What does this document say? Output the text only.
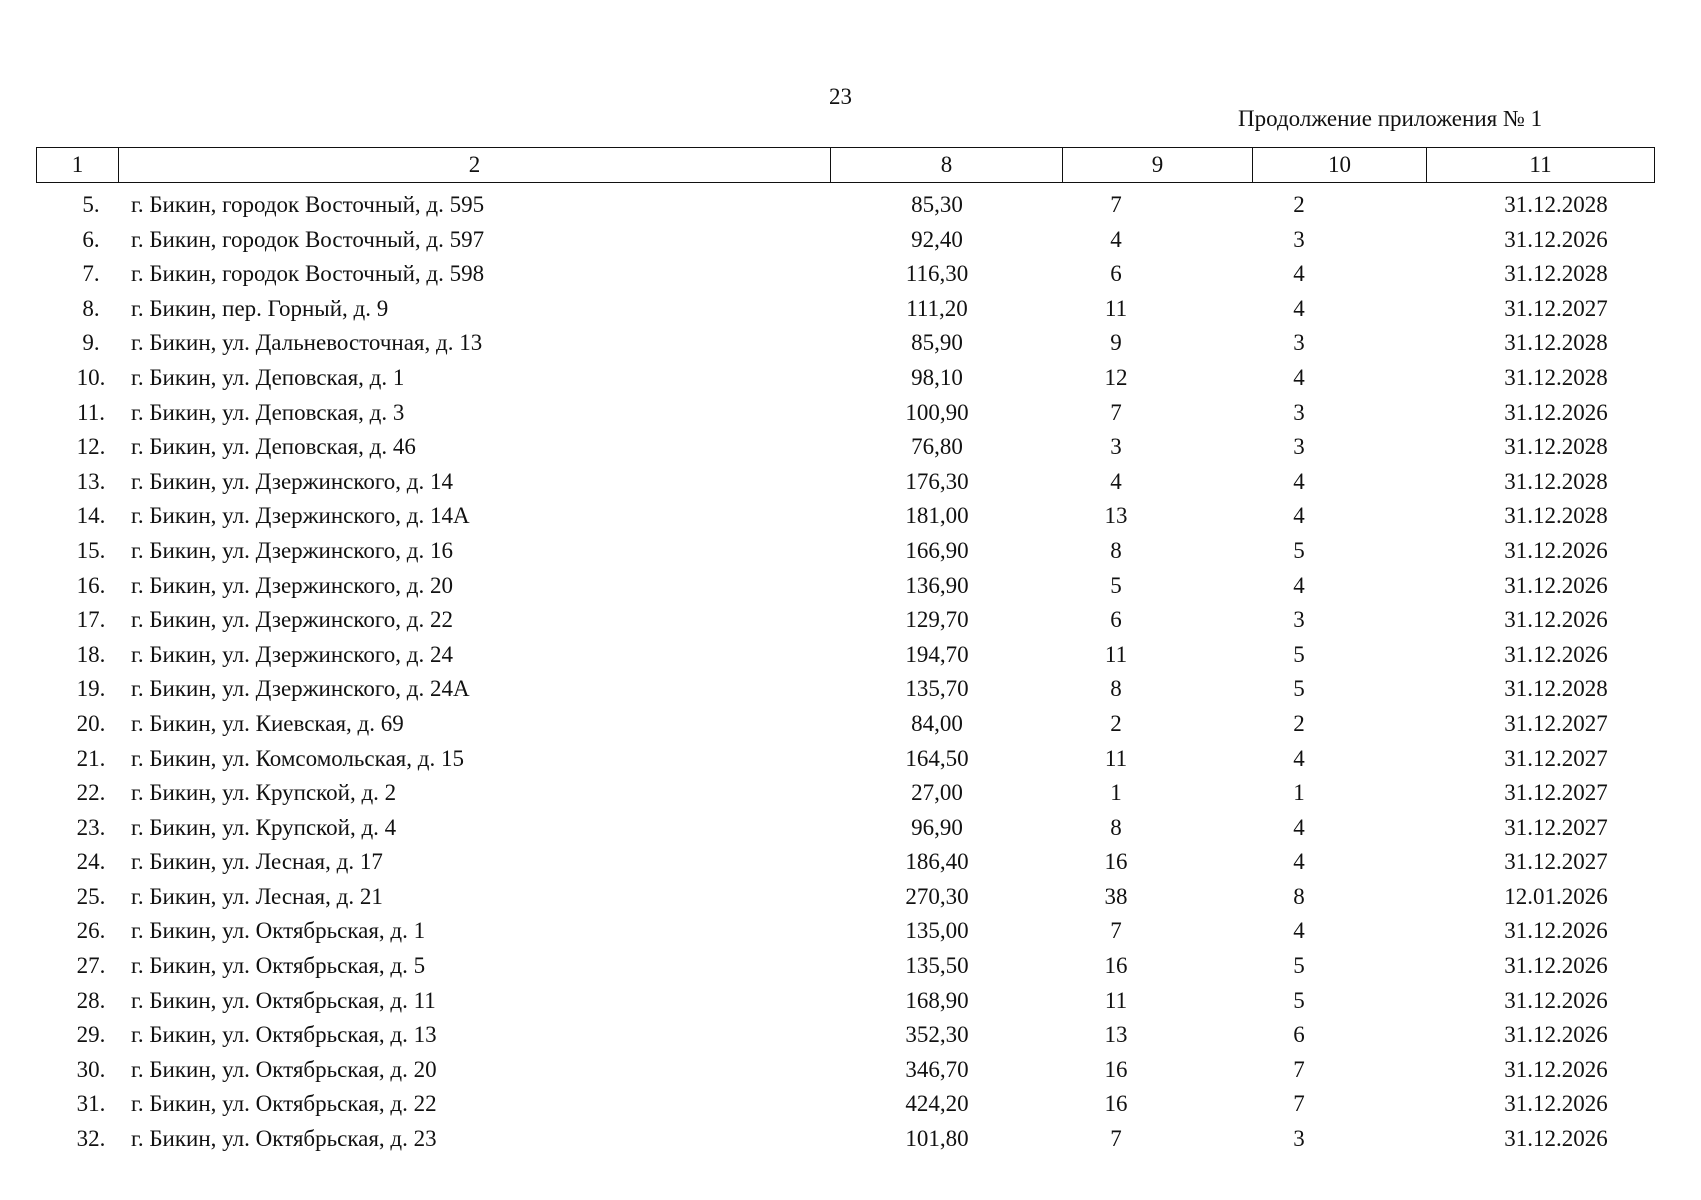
23
Продолжение приложения № 1
1	2	8	9	10	11
5.	г. Бикин, городок Восточный, д. 595	85,30	7	2	31.12.2028
6.	г. Бикин, городок Восточный, д. 597	92,40	4	3	31.12.2026
7.	г. Бикин, городок Восточный, д. 598	116,30	6	4	31.12.2028
8.	г. Бикин, пер. Горный, д. 9	111,20	11	4	31.12.2027
9.	г. Бикин, ул. Дальневосточная, д. 13	85,90	9	3	31.12.2028
10.	г. Бикин, ул. Деповская, д. 1	98,10	12	4	31.12.2028
11.	г. Бикин, ул. Деповская, д. 3	100,90	7	3	31.12.2026
12.	г. Бикин, ул. Деповская, д. 46	76,80	3	3	31.12.2028
13.	г. Бикин, ул. Дзержинского, д. 14	176,30	4	4	31.12.2028
14.	г. Бикин, ул. Дзержинского, д. 14А	181,00	13	4	31.12.2028
15.	г. Бикин, ул. Дзержинского, д. 16	166,90	8	5	31.12.2026
16.	г. Бикин, ул. Дзержинского, д. 20	136,90	5	4	31.12.2026
17.	г. Бикин, ул. Дзержинского, д. 22	129,70	6	3	31.12.2026
18.	г. Бикин, ул. Дзержинского, д. 24	194,70	11	5	31.12.2026
19.	г. Бикин, ул. Дзержинского, д. 24А	135,70	8	5	31.12.2028
20.	г. Бикин, ул. Киевская, д. 69	84,00	2	2	31.12.2027
21.	г. Бикин, ул. Комсомольская, д. 15	164,50	11	4	31.12.2027
22.	г. Бикин, ул. Крупской, д. 2	27,00	1	1	31.12.2027
23.	г. Бикин, ул. Крупской, д. 4	96,90	8	4	31.12.2027
24.	г. Бикин, ул. Лесная, д. 17	186,40	16	4	31.12.2027
25.	г. Бикин, ул. Лесная, д. 21	270,30	38	8	12.01.2026
26.	г. Бикин, ул. Октябрьская, д. 1	135,00	7	4	31.12.2026
27.	г. Бикин, ул. Октябрьская, д. 5	135,50	16	5	31.12.2026
28.	г. Бикин, ул. Октябрьская, д. 11	168,90	11	5	31.12.2026
29.	г. Бикин, ул. Октябрьская, д. 13	352,30	13	6	31.12.2026
30.	г. Бикин, ул. Октябрьская, д. 20	346,70	16	7	31.12.2026
31.	г. Бикин, ул. Октябрьская, д. 22	424,20	16	7	31.12.2026
32.	г. Бикин, ул. Октябрьская, д. 23	101,80	7	3	31.12.2026
